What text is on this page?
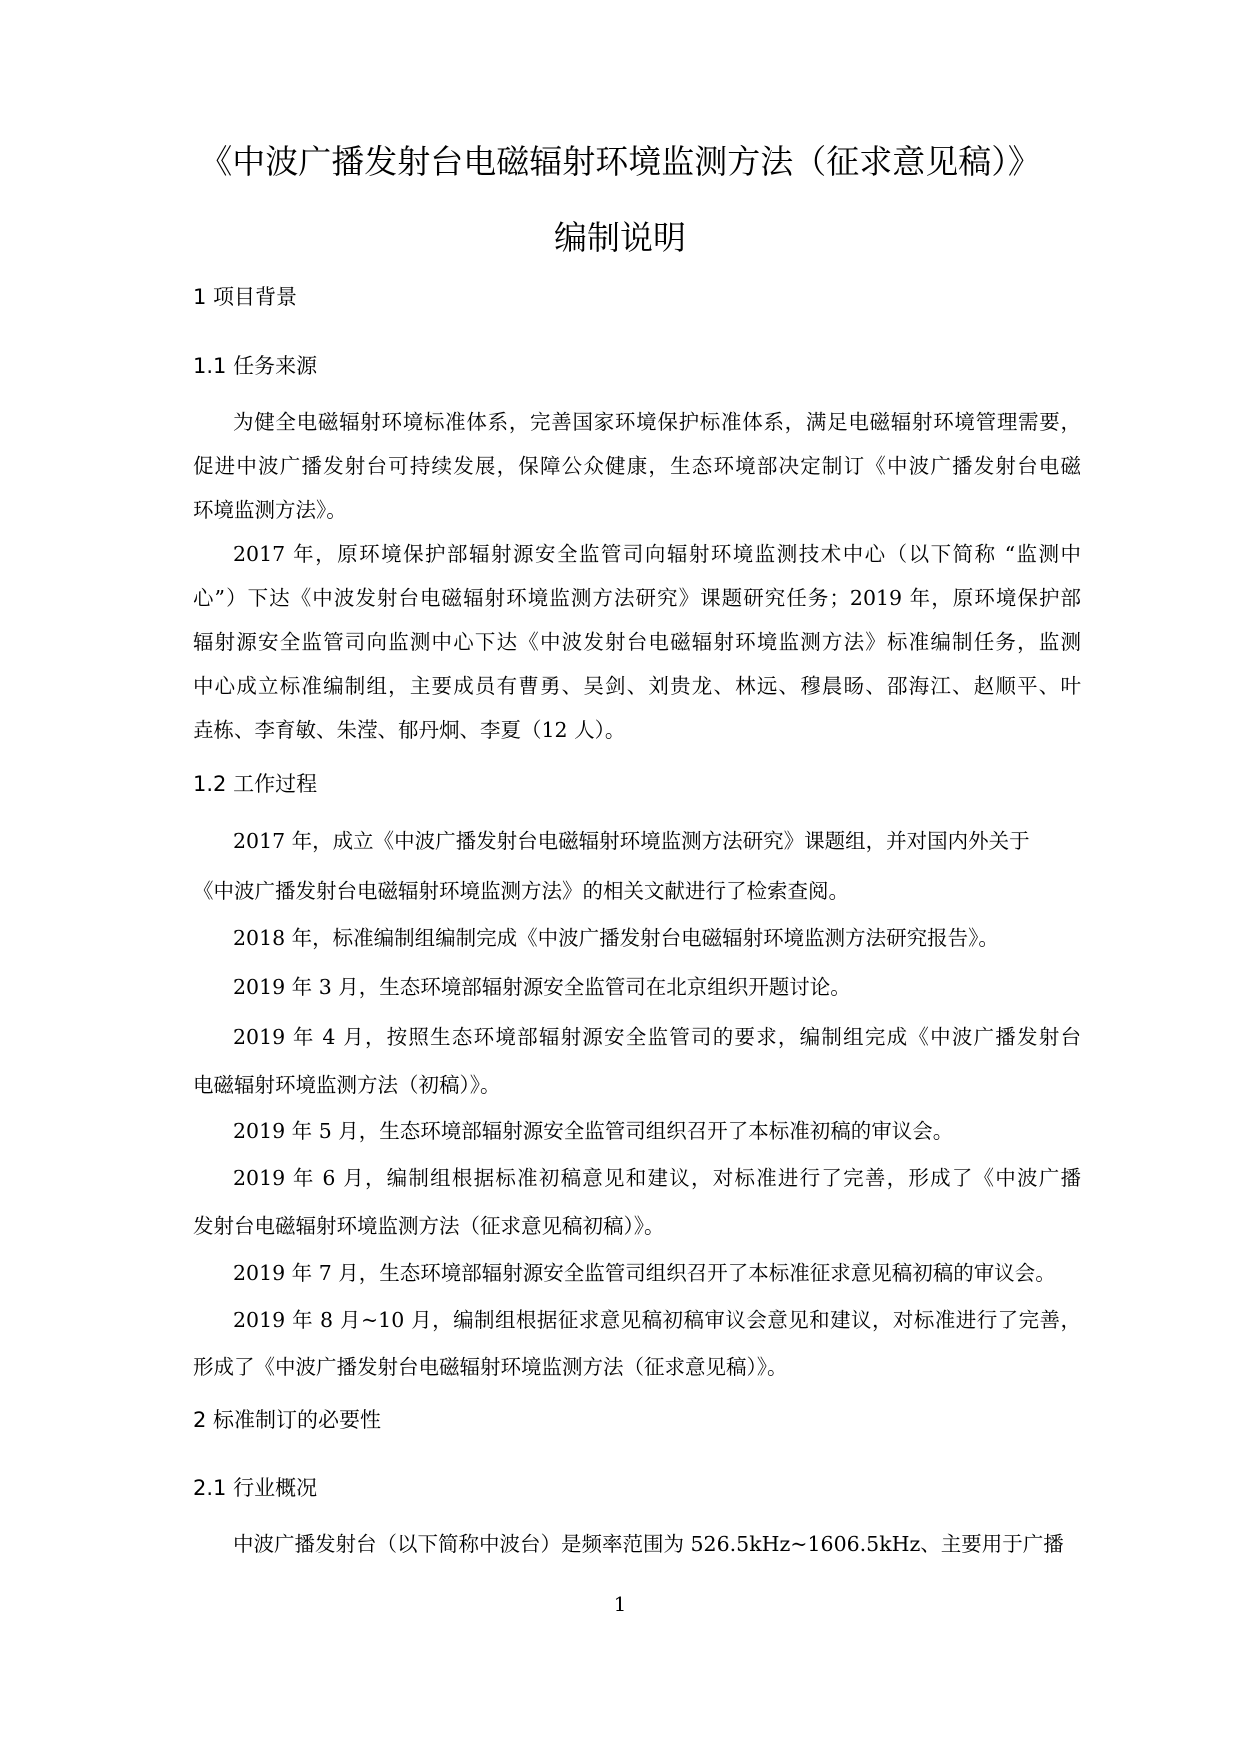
《中波广播发射台电磁辐射环境监测方法（征求意见稿）》
编制说明
1 项目背景
1.1 任务来源
为健全电磁辐射环境标准体系，完善国家环境保护标准体系，满足电磁辐射环境管理需要，
促进中波广播发射台可持续发展，保障公众健康，生态环境部决定制订《中波广播发射台电磁
环境监测方法》。
2017 年，原环境保护部辐射源安全监管司向辐射环境监测技术中心（以下简称 “监测中
心”）下达《中波发射台电磁辐射环境监测方法研究》课题研究任务；2019 年，原环境保护部
辐射源安全监管司向监测中心下达《中波发射台电磁辐射环境监测方法》标准编制任务，监测
中心成立标准编制组，主要成员有曹勇、吴剑、刘贵龙、林远、穆晨旸、邵海江、赵顺平、叶
垚栋、李育敏、朱滢、郁丹炯、李夏（12 人）。
1.2 工作过程
2017 年，成立《中波广播发射台电磁辐射环境监测方法研究》课题组，并对国内外关于
《中波广播发射台电磁辐射环境监测方法》的相关文献进行了检索查阅。
2018 年，标准编制组编制完成《中波广播发射台电磁辐射环境监测方法研究报告》。
2019 年 3 月，生态环境部辐射源安全监管司在北京组织开题讨论。
2019 年 4 月，按照生态环境部辐射源安全监管司的要求，编制组完成《中波广播发射台
电磁辐射环境监测方法（初稿）》。
2019 年 5 月，生态环境部辐射源安全监管司组织召开了本标准初稿的审议会。
2019 年 6 月，编制组根据标准初稿意见和建议，对标准进行了完善，形成了《中波广播
发射台电磁辐射环境监测方法（征求意见稿初稿）》。
2019 年 7 月，生态环境部辐射源安全监管司组织召开了本标准征求意见稿初稿的审议会。
2019 年 8 月~10 月，编制组根据征求意见稿初稿审议会意见和建议，对标准进行了完善，
形成了《中波广播发射台电磁辐射环境监测方法（征求意见稿）》。
2 标准制订的必要性
2.1 行业概况
中波广播发射台（以下简称中波台）是频率范围为 526.5kHz~1606.5kHz、主要用于广播
1
